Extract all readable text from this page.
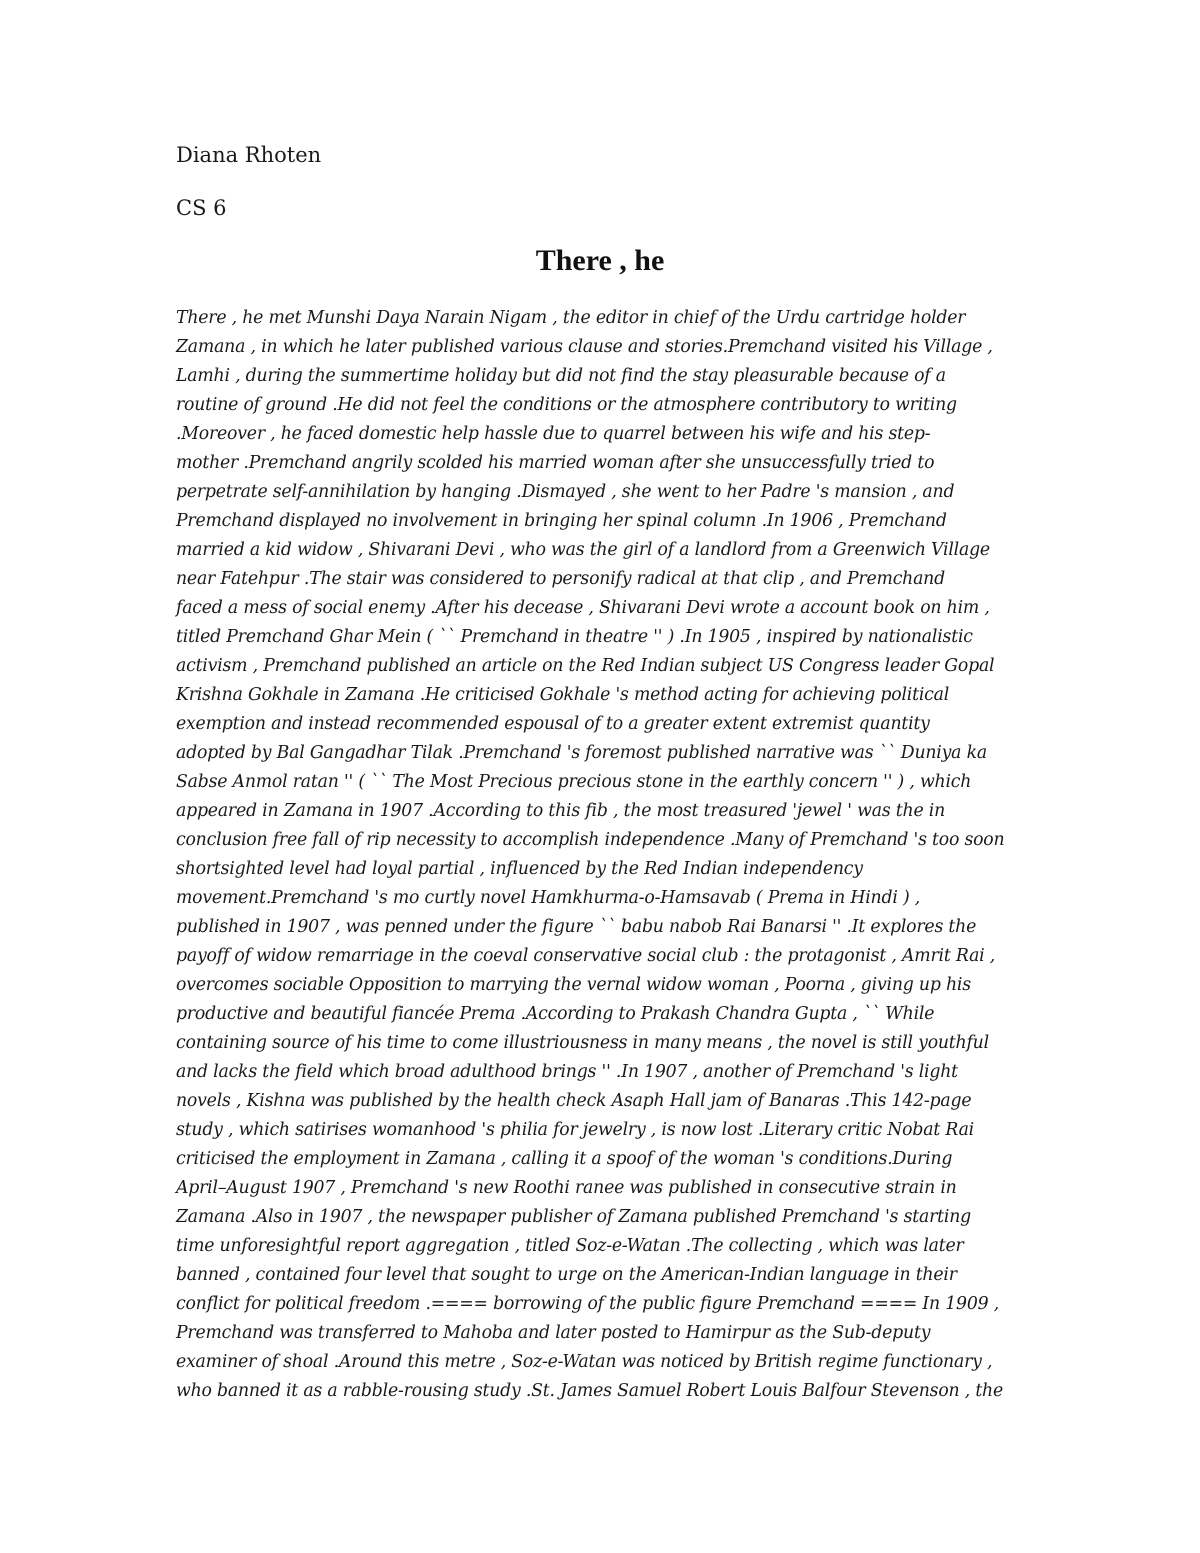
Diana Rhoten
CS 6
There , he
There , he met Munshi Daya Narain Nigam , the editor in chief of the Urdu cartridge holder
Zamana , in which he later published various clause and stories.Premchand visited his Village ,
Lamhi , during the summertime holiday but did not find the stay pleasurable because of a
routine of ground .He did not feel the conditions or the atmosphere contributory to writing
.Moreover , he faced domestic help hassle due to quarrel between his wife and his step-
mother .Premchand angrily scolded his married woman after she unsuccessfully tried to
perpetrate self-annihilation by hanging .Dismayed , she went to her Padre 's mansion , and
Premchand displayed no involvement in bringing her spinal column .In 1906 , Premchand
married a kid widow , Shivarani Devi , who was the girl of a landlord from a Greenwich Village
near Fatehpur .The stair was considered to personify radical at that clip , and Premchand
faced a mess of social enemy .After his decease , Shivarani Devi wrote a account book on him ,
titled Premchand Ghar Mein ( `` Premchand in theatre '' ) .In 1905 , inspired by nationalistic
activism , Premchand published an article on the Red Indian subject US Congress leader Gopal
Krishna Gokhale in Zamana .He criticised Gokhale 's method acting for achieving political
exemption and instead recommended espousal of to a greater extent extremist quantity
adopted by Bal Gangadhar Tilak .Premchand 's foremost published narrative was `` Duniya ka
Sabse Anmol ratan '' ( `` The Most Precious precious stone in the earthly concern '' ) , which
appeared in Zamana in 1907 .According to this fib , the most treasured 'jewel ' was the in
conclusion free fall of rip necessity to accomplish independence .Many of Premchand 's too soon
shortsighted level had loyal partial , influenced by the Red Indian independency
movement.Premchand 's mo curtly novel Hamkhurma-o-Hamsavab ( Prema in Hindi ) ,
published in 1907 , was penned under the figure `` babu nabob Rai Banarsi '' .It explores the
payoff of widow remarriage in the coeval conservative social club : the protagonist , Amrit Rai ,
overcomes sociable Opposition to marrying the vernal widow woman , Poorna , giving up his
productive and beautiful fiancée Prema .According to Prakash Chandra Gupta , `` While
containing source of his time to come illustriousness in many means , the novel is still youthful
and lacks the field which broad adulthood brings '' .In 1907 , another of Premchand 's light
novels , Kishna was published by the health check Asaph Hall jam of Banaras .This 142-page
study , which satirises womanhood 's philia for jewelry , is now lost .Literary critic Nobat Rai
criticised the employment in Zamana , calling it a spoof of the woman 's conditions.During
April–August 1907 , Premchand 's new Roothi ranee was published in consecutive strain in
Zamana .Also in 1907 , the newspaper publisher of Zamana published Premchand 's starting
time unforesightful report aggregation , titled Soz-e-Watan .The collecting , which was later
banned , contained four level that sought to urge on the American-Indian language in their
conflict for political freedom .==== borrowing of the public figure Premchand ==== In 1909 ,
Premchand was transferred to Mahoba and later posted to Hamirpur as the Sub-deputy
examiner of shoal .Around this metre , Soz-e-Watan was noticed by British regime functionary ,
who banned it as a rabble-rousing study .St. James Samuel Robert Louis Balfour Stevenson , the
